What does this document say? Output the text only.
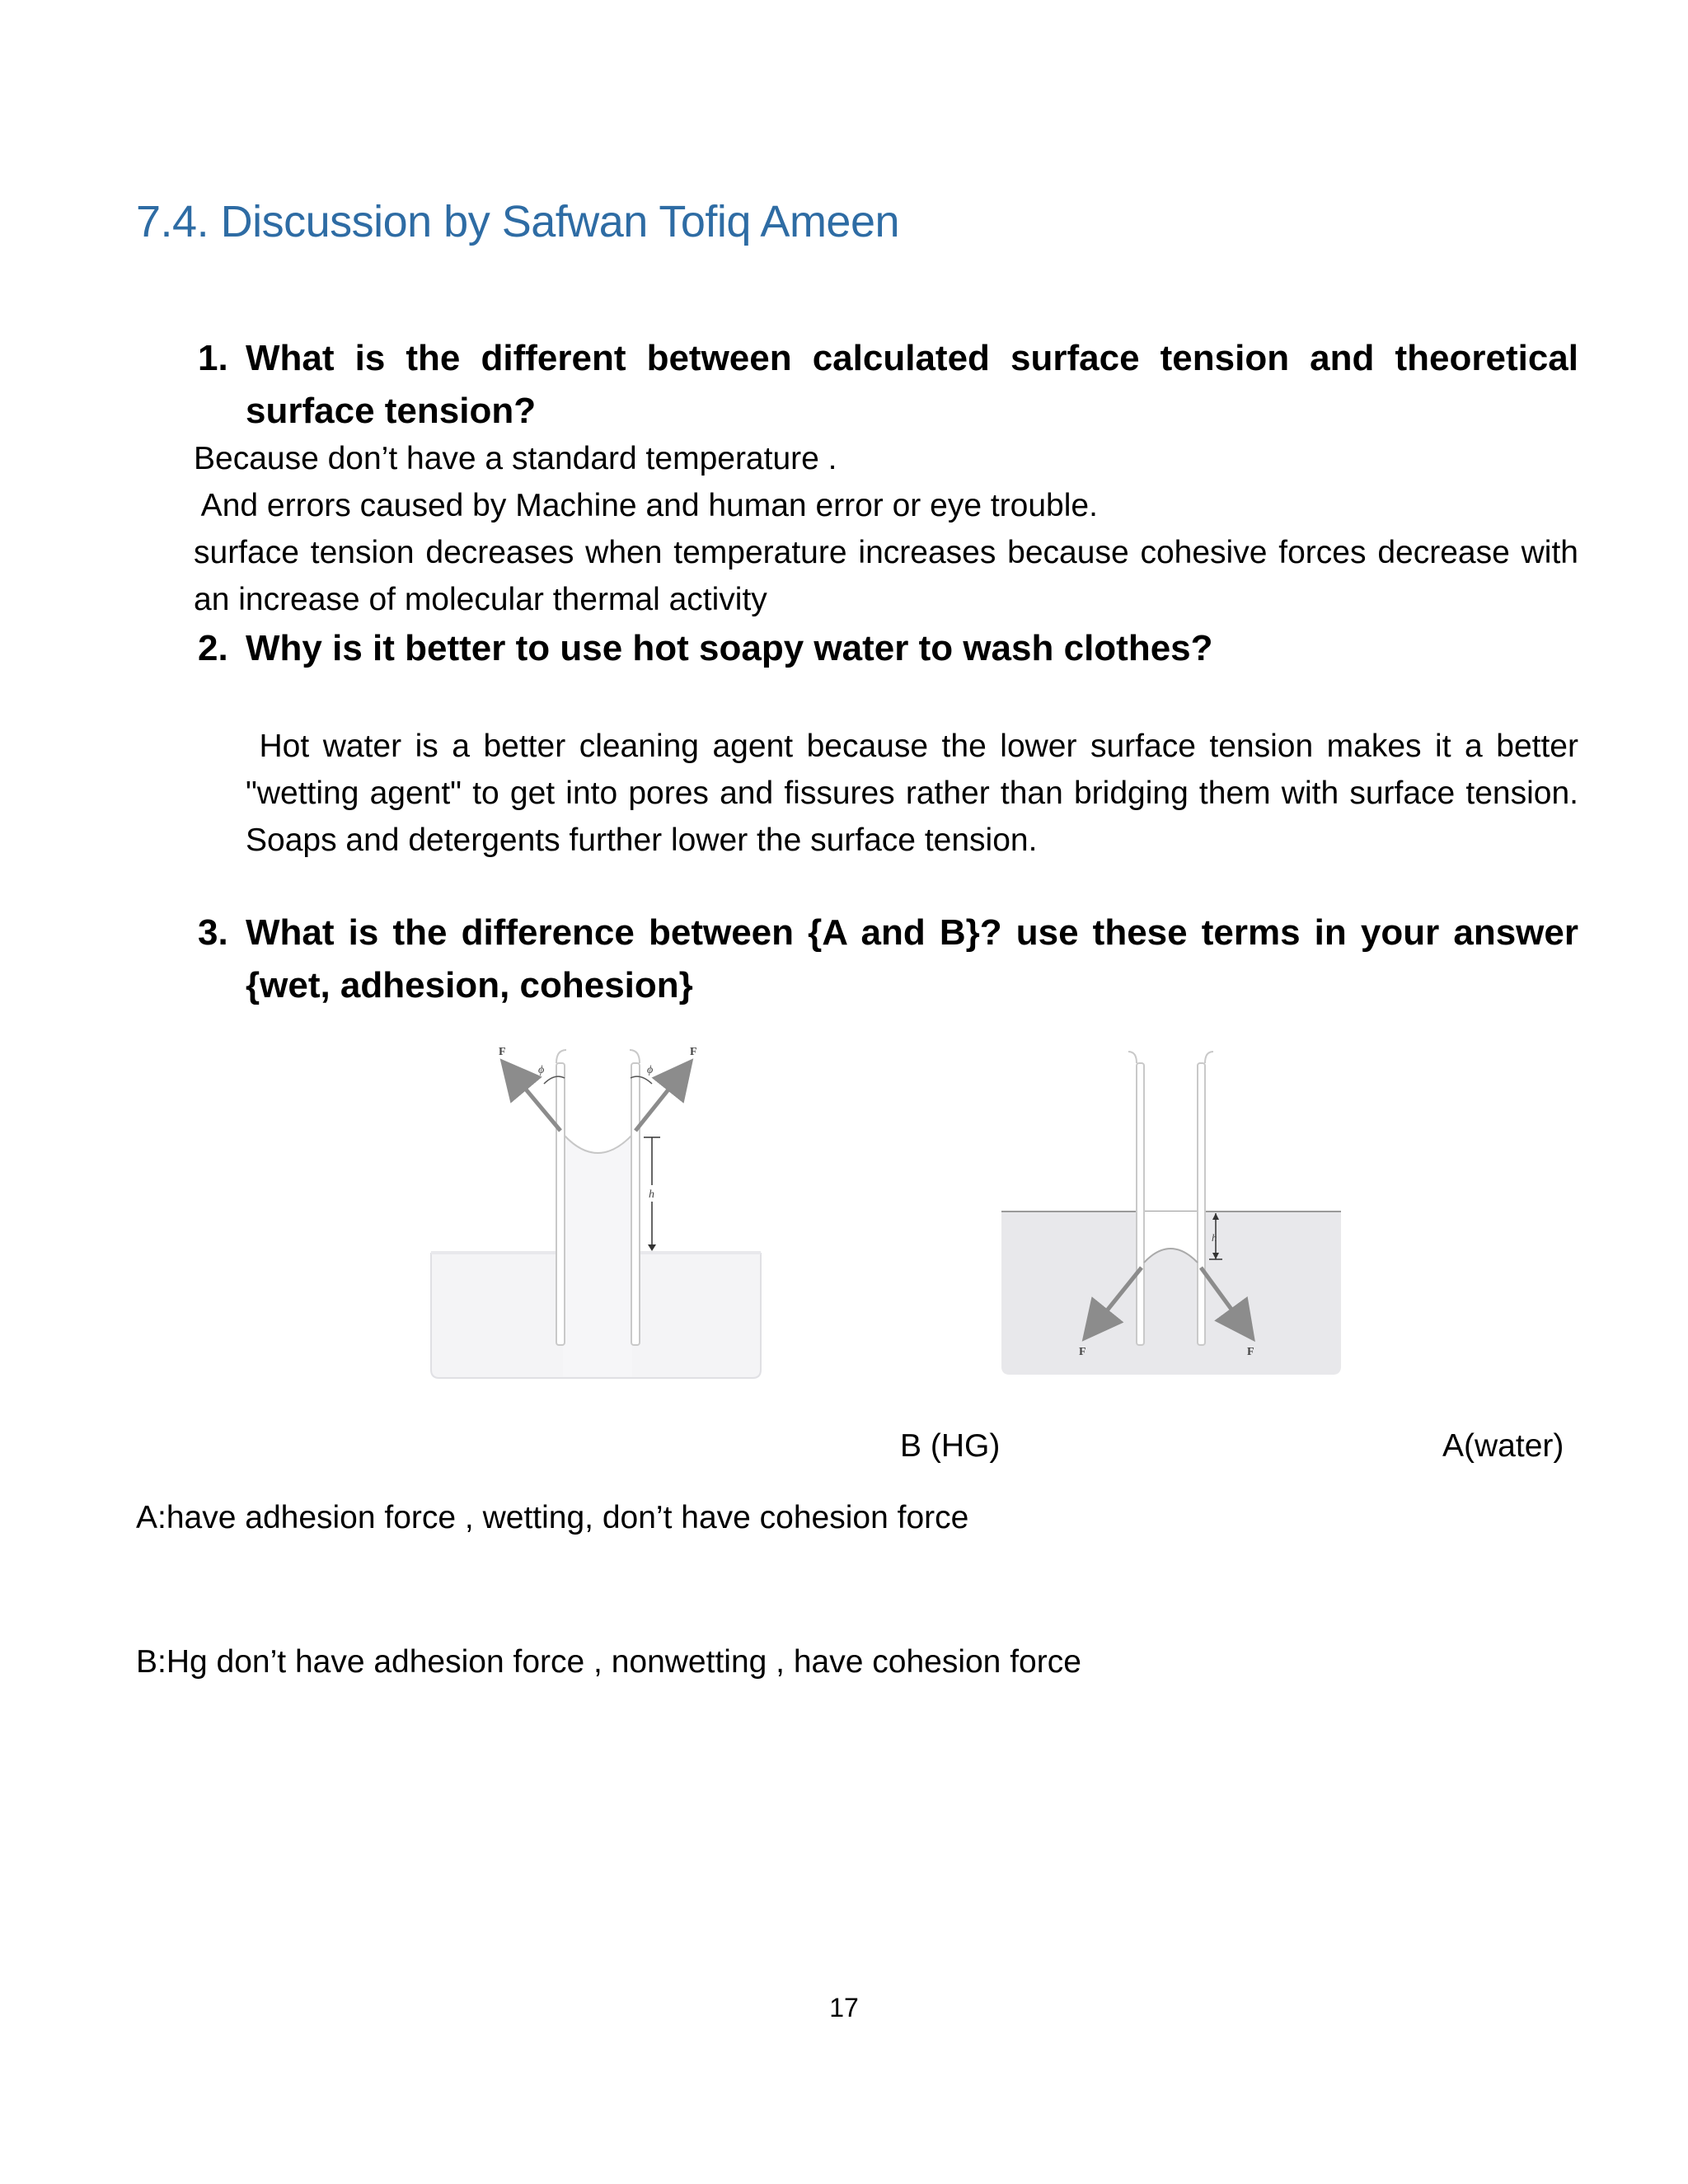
7.4. Discussion by Safwan Tofiq Ameen
1. What is the different between calculated surface tension and theoretical surface tension?
Because don’t have a standard temperature .
And errors caused by Machine and human error or eye trouble.
surface tension decreases when temperature increases because cohesive forces decrease with an increase of molecular thermal activity
2. Why is it better to use hot soapy water to wash clothes?
Hot water is a better cleaning agent because the lower surface tension makes it a better "wetting agent" to get into pores and fissures rather than bridging them with surface tension. Soaps and detergents further lower the surface tension.
3. What is the difference between {A and B}? use these terms in your answer {wet, adhesion, cohesion}
F	F
ϕ	ϕ
h
F	F
h
B (HG)	A(water)
A:have adhesion force , wetting, don’t have cohesion force
B:Hg don’t have adhesion force , nonwetting , have cohesion force
17
